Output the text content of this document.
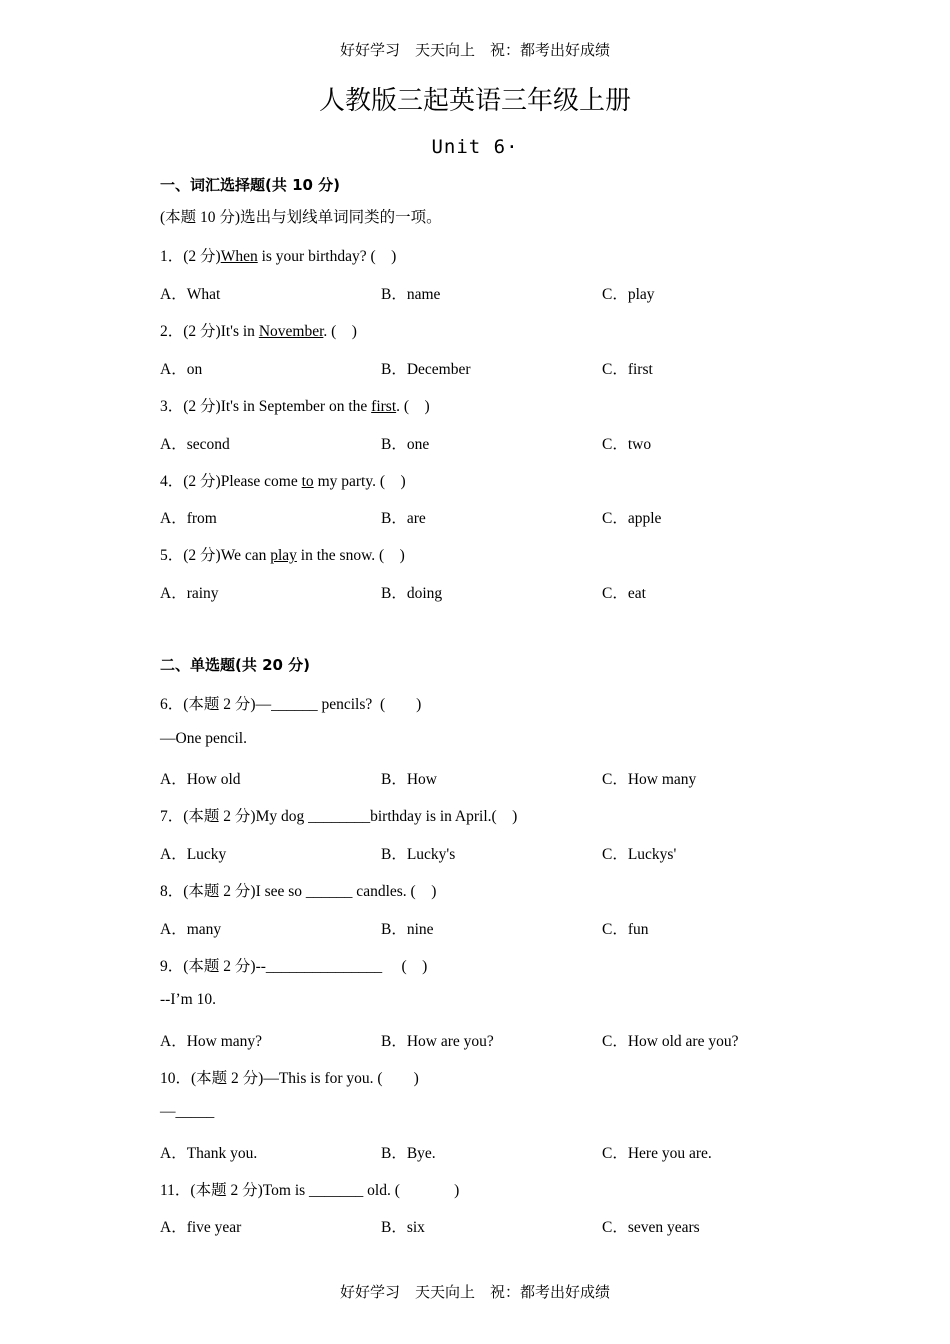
好好学习　天天向上　祝：都考出好成绩
人教版三起英语三年级上册
Unit 6·
一、词汇选择题(共 10 分)
(本题 10 分)选出与划线单词同类的一项。
1．(2 分)When is your birthday? (    )
A．What	B．name	C．play
2．(2 分)It's in November. (    )
A．on	B．December	C．first
3．(2 分)It's in September on the first. (    )
A．second	B．one	C．two
4．(2 分)Please come to my party. (    )
A．from	B．are	C．apple
5．(2 分)We can play in the snow. (    )
A．rainy	B．doing	C．eat
二、单选题(共 20 分)
6．(本题 2 分)—______ pencils?  (        )
—One pencil.
A．How old	B．How	C．How many
7．(本题 2 分)My dog ________birthday is in April.(    )
A．Lucky	B．Lucky's	C．Luckys'
8．(本题 2 分)I see so ______ candles. (    )
A．many	B．nine	C．fun
9．(本题 2 分)--_______________     (    )
--I’m 10.
A．How many?	B．How are you?	C．How old are you?
10．(本题 2 分)—This is for you. (        )
—_____
A．Thank you.	B．Bye.	C．Here you are.
11．(本题 2 分)Tom is _______ old. (              )
A．five year	B．six	C．seven years
好好学习　天天向上　祝：都考出好成绩
